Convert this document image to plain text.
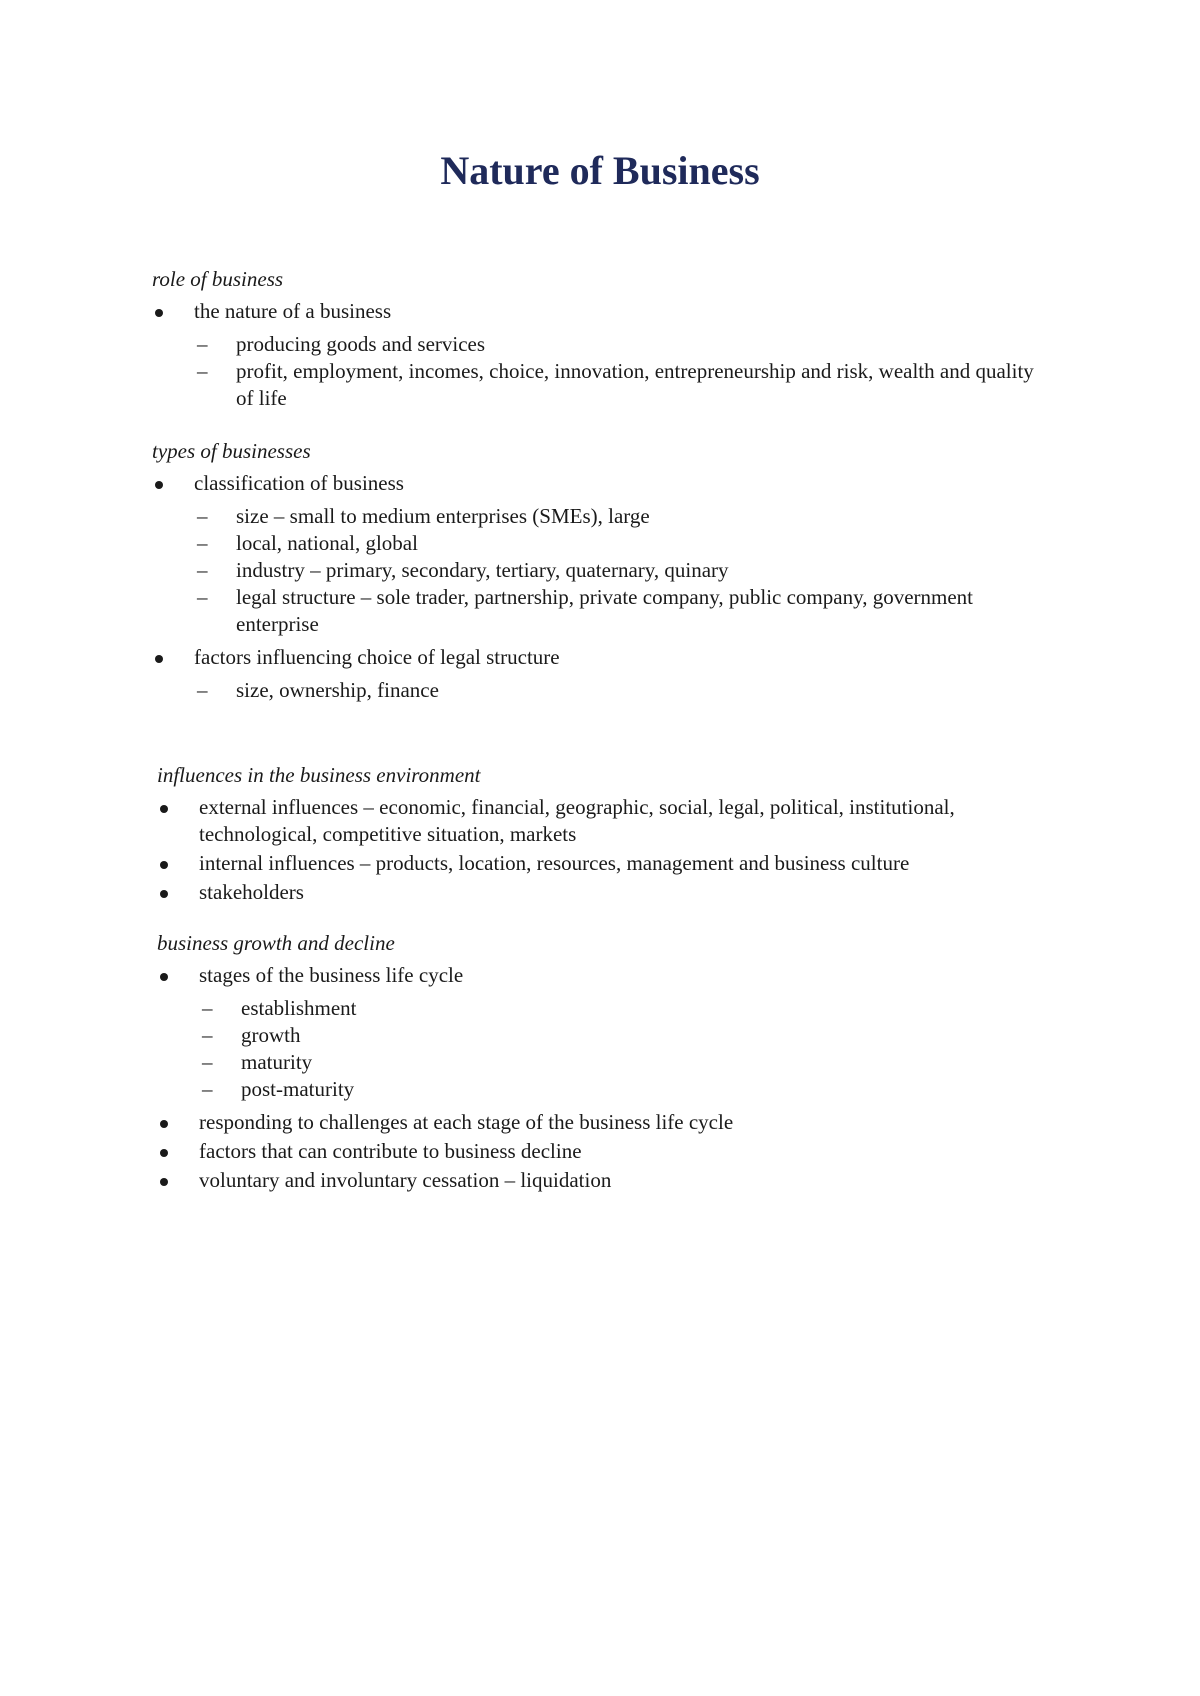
Nature of Business

role of business

the nature of a business
– producing goods and services
– profit, employment, incomes, choice, innovation, entrepreneurship and risk, wealth and quality of life

types of businesses

classification of business
– size – small to medium enterprises (SMEs), large
– local, national, global
– industry – primary, secondary, tertiary, quaternary, quinary
– legal structure – sole trader, partnership, private company, public company, government enterprise
factors influencing choice of legal structure
– size, ownership, finance

influences in the business environment

external influences – economic, financial, geographic, social, legal, political, institutional, technological, competitive situation, markets
internal influences – products, location, resources, management and business culture
stakeholders

business growth and decline

stages of the business life cycle
– establishment
– growth
– maturity
– post-maturity
responding to challenges at each stage of the business life cycle
factors that can contribute to business decline
voluntary and involuntary cessation – liquidation
